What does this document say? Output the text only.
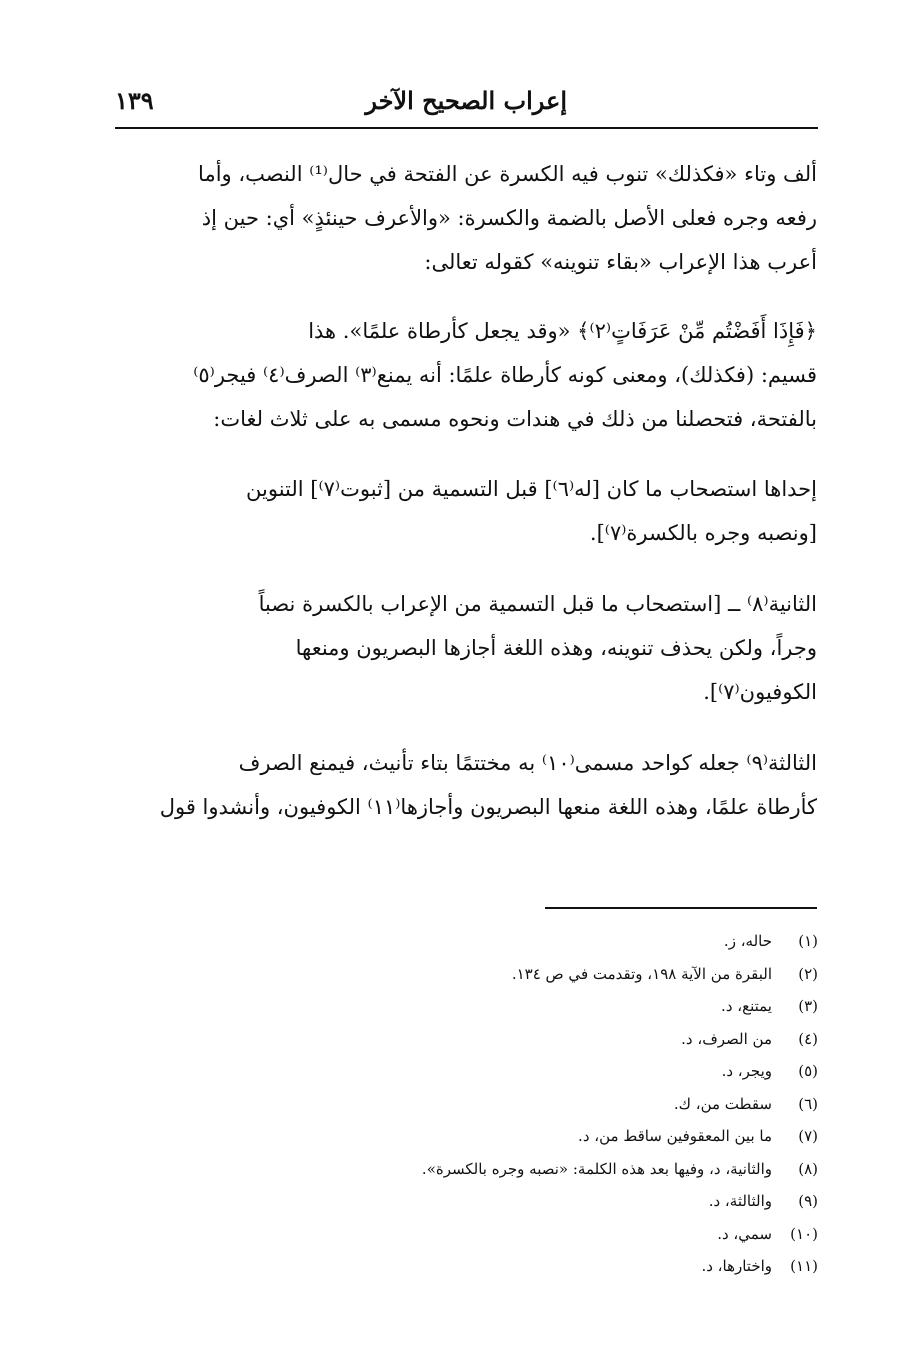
إعراب الصحيح الآخر
١٣٩
ألف وتاء «فكذلك» تنوب فيه الكسرة عن الفتحة في حال⁽¹⁾ النصب، وأما
رفعه وجره فعلى الأصل بالضمة والكسرة: «والأعرف حينئذٍ» أي: حين إذ
أعرب هذا الإعراب «بقاء تنوينه» كقوله تعالى:
﴿فَإِذَا أَفَضْتُم مِّنْ عَرَفَاتٍ⁽٢⁾﴾ «وقد يجعل كأرطاة علمًا». هذا
قسيم: (فكذلك)، ومعنى كونه كأرطاة علمًا: أنه يمنع⁽٣⁾ الصرف⁽٤⁾ فيجر⁽٥⁾
بالفتحة، فتحصلنا من ذلك في هندات ونحوه مسمى به على ثلاث لغات:
إحداها استصحاب ما كان [له⁽٦⁾] قبل التسمية من [ثبوت⁽٧⁾] التنوين
[ونصبه وجره بالكسرة⁽٧⁾].
الثانية⁽٨⁾ ــ [استصحاب ما قبل التسمية من الإعراب بالكسرة نصباً
وجراً، ولكن يحذف تنوينه، وهذه اللغة أجازها البصريون ومنعها
الكوفيون⁽٧⁾].
الثالثة⁽٩⁾ جعله كواحد مسمى⁽١٠⁾ به مختتمًا بتاء تأنيث، فيمنع الصرف
كأرطاة علمًا، وهذه اللغة منعها البصريون وأجازها⁽١١⁾ الكوفيون، وأنشدوا قول
(١)
حاله، ز.
(٢)
البقرة من الآية ١٩٨، وتقدمت في ص ١٣٤.
(٣)
يمتنع، د.
(٤)
من الصرف، د.
(٥)
ويجر، د.
(٦)
سقطت من، ك.
(٧)
ما بين المعقوفين ساقط من، د.
(٨)
والثانية، د، وفيها بعد هذه الكلمة: «نصبه وجره بالكسرة».
(٩)
والثالثة، د.
(١٠)
سمي، د.
(١١)
واختارها، د.
